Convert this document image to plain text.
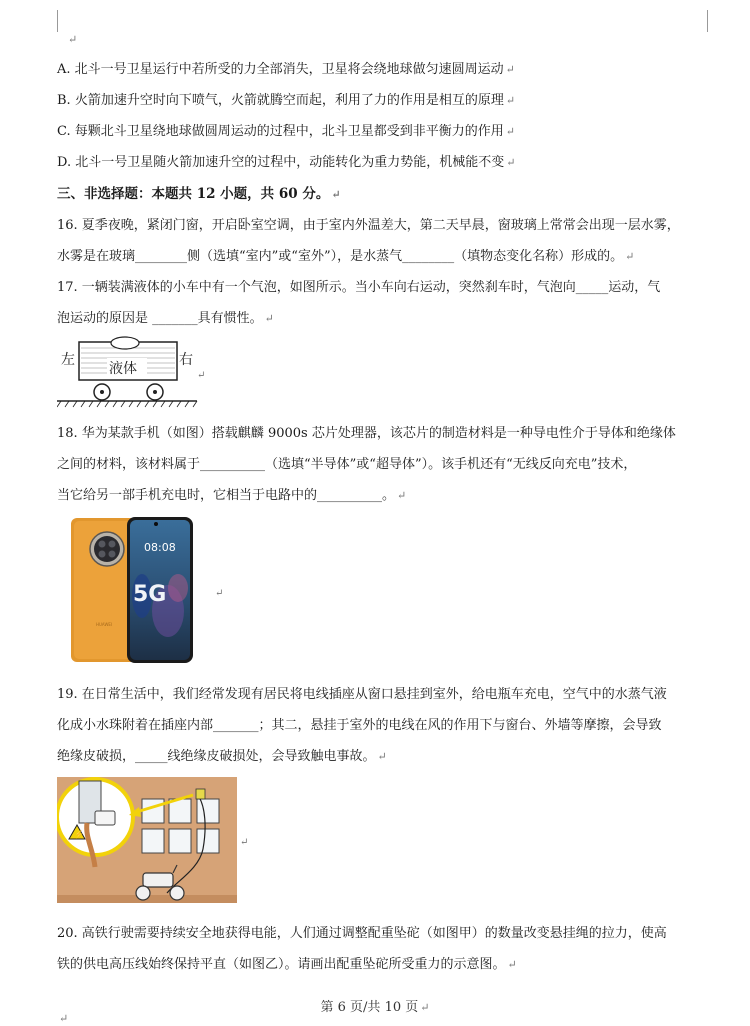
↵
A. 北斗一号卫星运行中若所受的力全部消失，卫星将会绕地球做匀速圆周运动 ↵
B. 火箭加速升空时向下喷气，火箭就腾空而起，利用了力的作用是相互的原理 ↵
C. 每颗北斗卫星绕地球做圆周运动的过程中，北斗卫星都受到非平衡力的作用 ↵
D. 北斗一号卫星随火箭加速升空的过程中，动能转化为重力势能，机械能不变 ↵
三、非选择题：本题共 12 小题，共 60 分。 ↵
16. 夏季夜晚，紧闭门窗，开启卧室空调，由于室内外温差大，第二天早晨，窗玻璃上常常会出现一层水雾，
水雾是在玻璃________侧（选填“室内”或“室外”），是水蒸气________（填物态变化名称）形成的。 ↵
17. 一辆装满液体的小车中有一个气泡，如图所示。当小车向右运动，突然刹车时，气泡向_____运动，气
泡运动的原因是 _______具有惯性。 ↵
左	右
液体	↵
18. 华为某款手机（如图）搭载麒麟 9000s 芯片处理器，该芯片的制造材料是一种导电性介于导体和绝缘体
之间的材料，该材料属于__________（选填“半导体”或“超导体”）。该手机还有“无线反向充电”技术，
当它给另一部手机充电时，它相当于电路中的__________。 ↵
HUAWEI
08:08
5G	↵
19. 在日常生活中，我们经常发现有居民将电线插座从窗口悬挂到室外，给电瓶车充电，空气中的水蒸气液
化成小水珠附着在插座内部_______；其二，悬挂于室外的电线在风的作用下与窗台、外墙等摩擦，会导致
绝缘皮破损，_____线绝缘皮破损处，会导致触电事故。 ↵
⚡
↵
20. 高铁行驶需要持续安全地获得电能，人们通过调整配重坠砣（如图甲）的数量改变悬挂绳的拉力，使高
铁的供电高压线始终保持平直（如图乙）。请画出配重坠砣所受重力的示意图。 ↵
第 6 页/共 10 页 ↵
↵
